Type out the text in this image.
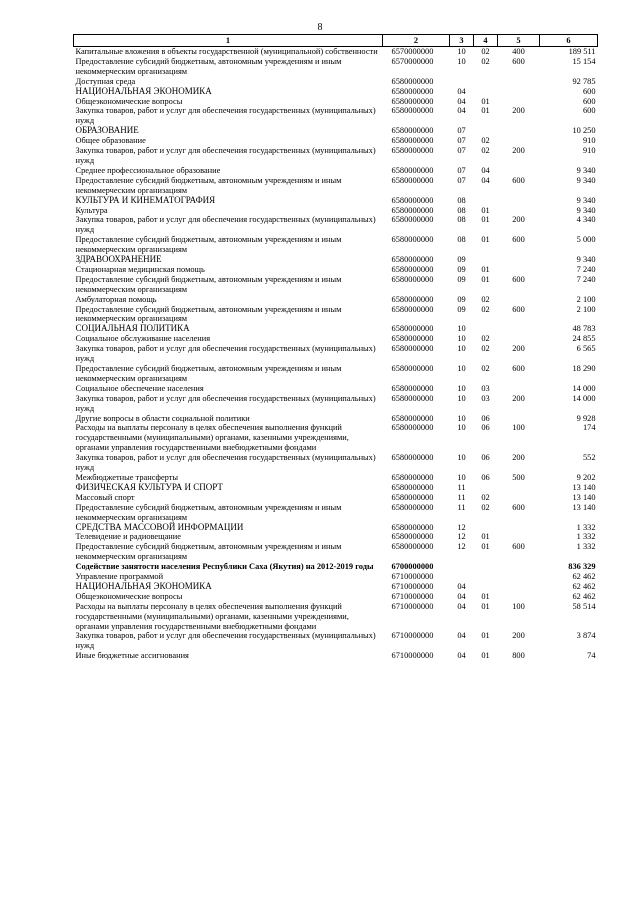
8
1	2	3	4	5	6
Капитальные вложения в объекты государственной (муниципальной) собственности	6570000000	10	02	400	189 511
Предоставление субсидий бюджетным, автономным учреждениям и иным некоммерческим организациям	6570000000	10	02	600	15 154
Доступная среда	6580000000				92 785
НАЦИОНАЛЬНАЯ ЭКОНОМИКА	6580000000	04			600
Общеэкономические вопросы	6580000000	04	01		600
Закупка товаров, работ и услуг для обеспечения государственных (муниципальных) нужд	6580000000	04	01	200	600
ОБРАЗОВАНИЕ	6580000000	07			10 250
Общее образование	6580000000	07	02		910
Закупка товаров, работ и услуг для обеспечения государственных (муниципальных) нужд	6580000000	07	02	200	910
Среднее профессиональное образование	6580000000	07	04		9 340
Предоставление субсидий бюджетным, автономным учреждениям и иным некоммерческим организациям	6580000000	07	04	600	9 340
КУЛЬТУРА И КИНЕМАТОГРАФИЯ	6580000000	08			9 340
Культура	6580000000	08	01		9 340
Закупка товаров, работ и услуг для обеспечения государственных (муниципальных) нужд	6580000000	08	01	200	4 340
Предоставление субсидий бюджетным, автономным учреждениям и иным некоммерческим организациям	6580000000	08	01	600	5 000
ЗДРАВООХРАНЕНИЕ	6580000000	09			9 340
Стационарная медицинская помощь	6580000000	09	01		7 240
Предоставление субсидий бюджетным, автономным учреждениям и иным некоммерческим организациям	6580000000	09	01	600	7 240
Амбулаторная помощь	6580000000	09	02		2 100
Предоставление субсидий бюджетным, автономным учреждениям и иным некоммерческим организациям	6580000000	09	02	600	2 100
СОЦИАЛЬНАЯ ПОЛИТИКА	6580000000	10			48 783
Социальное обслуживание населения	6580000000	10	02		24 855
Закупка товаров, работ и услуг для обеспечения государственных (муниципальных) нужд	6580000000	10	02	200	6 565
Предоставление субсидий бюджетным, автономным учреждениям и иным некоммерческим организациям	6580000000	10	02	600	18 290
Социальное обеспечение населения	6580000000	10	03		14 000
Закупка товаров, работ и услуг для обеспечения государственных (муниципальных) нужд	6580000000	10	03	200	14 000
Другие вопросы в области социальной политики	6580000000	10	06		9 928
Расходы на выплаты персоналу в целях обеспечения выполнения функций государственными (муниципальными) органами, казенными учреждениями, органами управления государственными внебюджетными фондами	6580000000	10	06	100	174
Закупка товаров, работ и услуг для обеспечения государственных (муниципальных) нужд	6580000000	10	06	200	552
Межбюджетные трансферты	6580000000	10	06	500	9 202
ФИЗИЧЕСКАЯ КУЛЬТУРА И СПОРТ	6580000000	11			13 140
Массовый спорт	6580000000	11	02		13 140
Предоставление субсидий бюджетным, автономным учреждениям и иным некоммерческим организациям	6580000000	11	02	600	13 140
СРЕДСТВА МАССОВОЙ ИНФОРМАЦИИ	6580000000	12			1 332
Телевидение и радиовещание	6580000000	12	01		1 332
Предоставление субсидий бюджетным, автономным учреждениям и иным некоммерческим организациям	6580000000	12	01	600	1 332
Содействие занятости населения Республики Саха (Якутия) на 2012-2019 годы	6700000000				836 329
Управление программой	6710000000				62 462
НАЦИОНАЛЬНАЯ ЭКОНОМИКА	6710000000	04			62 462
Общеэкономические вопросы	6710000000	04	01		62 462
Расходы на выплаты персоналу в целях обеспечения выполнения функций государственными (муниципальными) органами, казенными учреждениями, органами управления государственными внебюджетными фондами	6710000000	04	01	100	58 514
Закупка товаров, работ и услуг для обеспечения государственных (муниципальных) нужд	6710000000	04	01	200	3 874
Иные бюджетные ассигнования	6710000000	04	01	800	74
